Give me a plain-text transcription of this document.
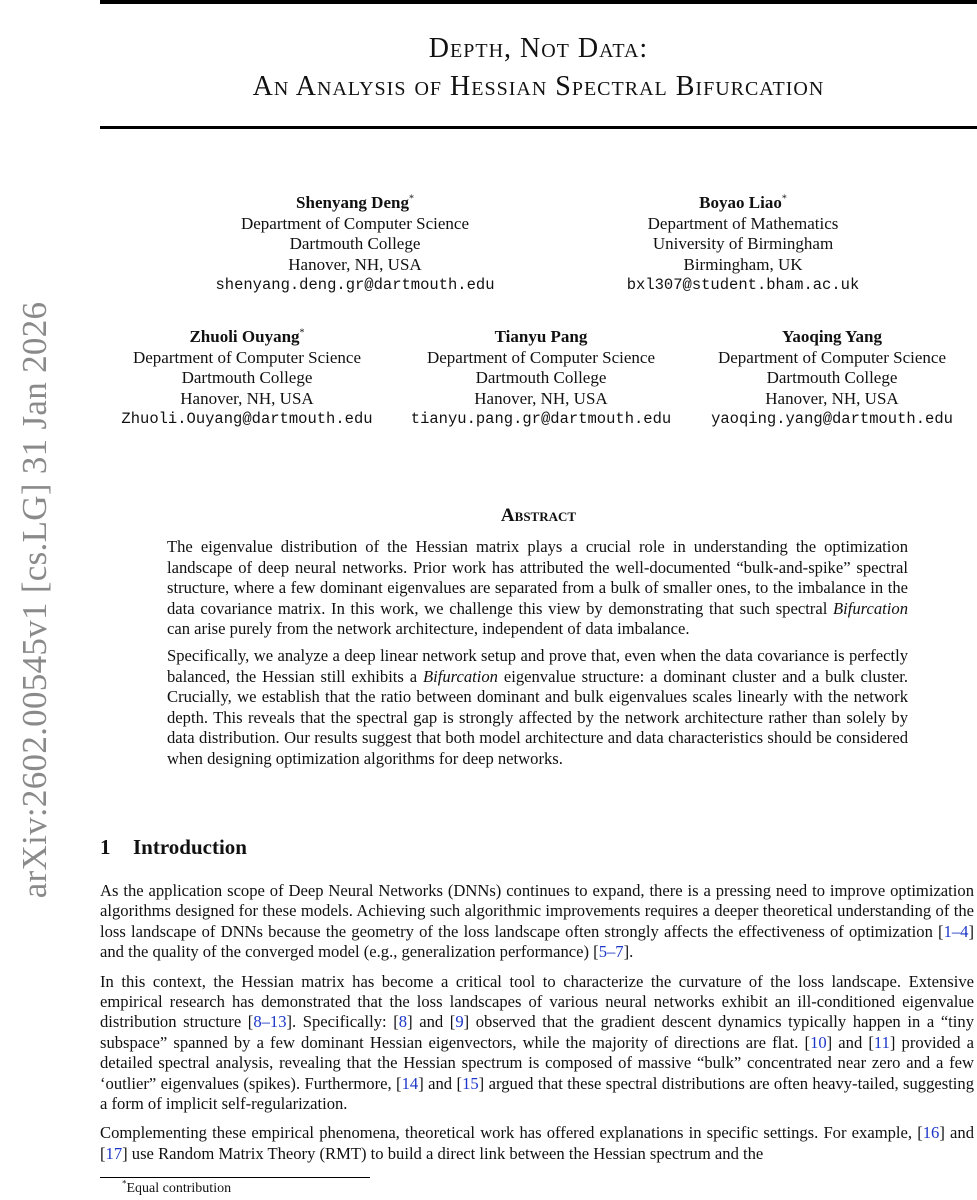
arXiv:2602.00545v1 [cs.LG] 31 Jan 2026
Depth, Not Data:
An Analysis of Hessian Spectral Bifurcation
Shenyang Deng*
Department of Computer Science
Dartmouth College
Hanover, NH, USA
shenyang.deng.gr@dartmouth.edu
Boyao Liao*
Department of Mathematics
University of Birmingham
Birmingham, UK
bxl307@student.bham.ac.uk
Zhuoli Ouyang*
Department of Computer Science
Dartmouth College
Hanover, NH, USA
Zhuoli.Ouyang@dartmouth.edu
Tianyu Pang
Department of Computer Science
Dartmouth College
Hanover, NH, USA
tianyu.pang.gr@dartmouth.edu
Yaoqing Yang
Department of Computer Science
Dartmouth College
Hanover, NH, USA
yaoqing.yang@dartmouth.edu
Abstract

The eigenvalue distribution of the Hessian matrix plays a crucial role in understanding the optimization landscape of deep neural networks. Prior work has attributed the well-documented “bulk-and-spike” spectral structure, where a few dominant eigenvalues are separated from a bulk of smaller ones, to the imbalance in the data covariance matrix. In this work, we challenge this view by demonstrating that such spectral Bifurcation can arise purely from the network architecture, independent of data imbalance.

Specifically, we analyze a deep linear network setup and prove that, even when the data covariance is perfectly balanced, the Hessian still exhibits a Bifurcation eigenvalue structure: a dominant cluster and a bulk cluster. Crucially, we establish that the ratio between dominant and bulk eigenvalues scales linearly with the network depth. This reveals that the spectral gap is strongly affected by the network architecture rather than solely by data distribution. Our results suggest that both model architecture and data characteristics should be considered when designing optimization algorithms for deep networks.

1 Introduction

As the application scope of Deep Neural Networks (DNNs) continues to expand, there is a pressing need to improve optimization algorithms designed for these models. Achieving such algorithmic improvements requires a deeper theoretical understanding of the loss landscape of DNNs because the geometry of the loss landscape often strongly affects the effectiveness of optimization [1–4] and the quality of the converged model (e.g., generalization performance) [5–7].

In this context, the Hessian matrix has become a critical tool to characterize the curvature of the loss landscape. Extensive empirical research has demonstrated that the loss landscapes of various neural networks exhibit an ill-conditioned eigenvalue distribution structure [8–13]. Specifically: [8] and [9] observed that the gradient descent dynamics typically happen in a “tiny subspace” spanned by a few dominant Hessian eigenvectors, while the majority of directions are flat. [10] and [11] provided a detailed spectral analysis, revealing that the Hessian spectrum is composed of massive “bulk” concentrated near zero and a few ‘outlier” eigenvalues (spikes). Furthermore, [14] and [15] argued that these spectral distributions are often heavy-tailed, suggesting a form of implicit self-regularization.

Complementing these empirical phenomena, theoretical work has offered explanations in specific settings. For example, [16] and [17] use Random Matrix Theory (RMT) to build a direct link between the Hessian spectrum and the

*Equal contribution
